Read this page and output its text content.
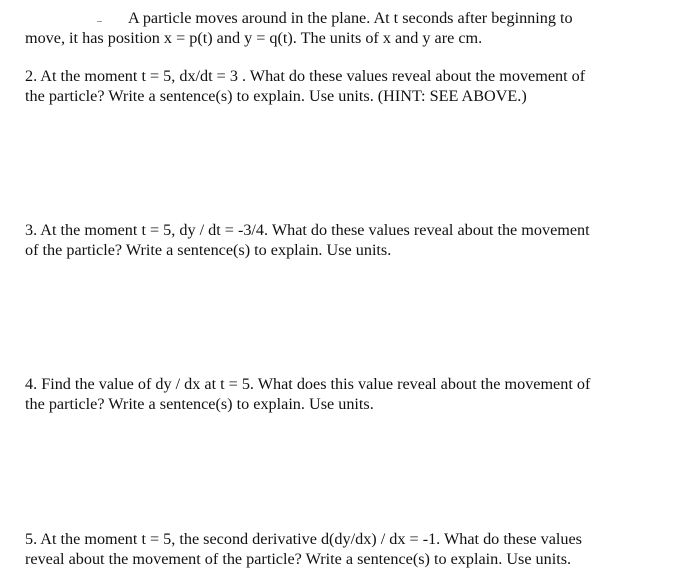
A particle moves around in the plane. At t seconds after beginning to
move, it has position x = p(t) and y = q(t). The units of x and y are cm.
2. At the moment t = 5, dx/dt = 3 . What do these values reveal about the movement of
the particle? Write a sentence(s) to explain. Use units. (HINT: SEE ABOVE.)
3. At the moment t = 5, dy / dt = -3/4. What do these values reveal about the movement
of the particle? Write a sentence(s) to explain. Use units.
4. Find the value of dy / dx at t = 5. What does this value reveal about the movement of
the particle? Write a sentence(s) to explain. Use units.
5. At the moment t = 5, the second derivative d(dy/dx) / dx = -1. What do these values
reveal about the movement of the particle? Write a sentence(s) to explain. Use units.
